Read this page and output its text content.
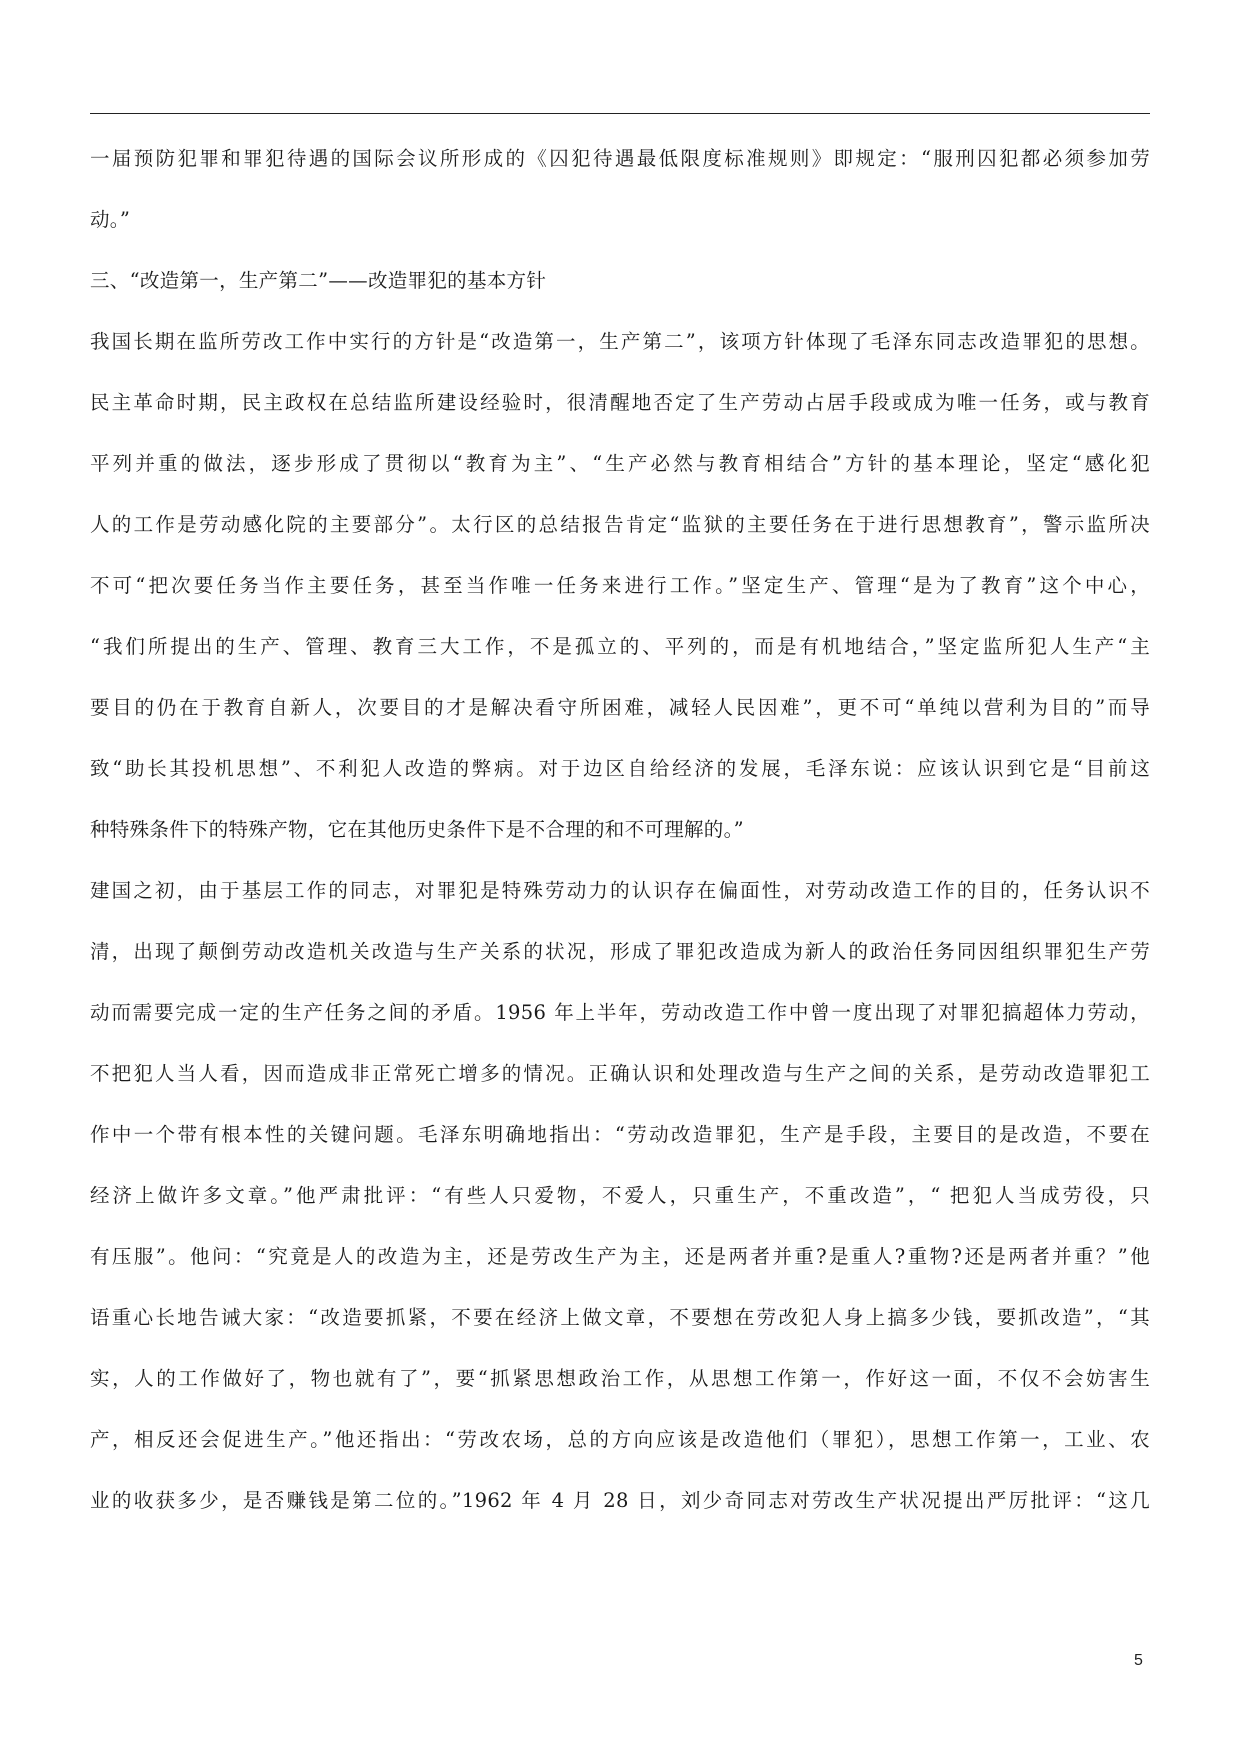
一届预防犯罪和罪犯待遇的国际会议所形成的《囚犯待遇最低限度标准规则》即规定：“服刑囚犯都必须参加劳
动。”
三、“改造第一，生产第二”——改造罪犯的基本方针
我国长期在监所劳改工作中实行的方针是“改造第一，生产第二”，该项方针体现了毛泽东同志改造罪犯的思想。
民主革命时期，民主政权在总结监所建设经验时，很清醒地否定了生产劳动占居手段或成为唯一任务，或与教育
平列并重的做法，逐步形成了贯彻以“教育为主”、“生产必然与教育相结合”方针的基本理论，坚定“感化犯
人的工作是劳动感化院的主要部分”。太行区的总结报告肯定“监狱的主要任务在于进行思想教育”，警示监所决
不可“把次要任务当作主要任务，甚至当作唯一任务来进行工作。”坚定生产、管理“是为了教育”这个中心，
“我们所提出的生产、管理、教育三大工作，不是孤立的、平列的，而是有机地结合，”坚定监所犯人生产“主
要目的仍在于教育自新人，次要目的才是解决看守所困难，减轻人民因难”，更不可“单纯以营利为目的”而导
致“助长其投机思想”、不利犯人改造的弊病。对于边区自给经济的发展，毛泽东说：应该认识到它是“目前这
种特殊条件下的特殊产物，它在其他历史条件下是不合理的和不可理解的。”
建国之初，由于基层工作的同志，对罪犯是特殊劳动力的认识存在偏面性，对劳动改造工作的目的，任务认识不
清，出现了颠倒劳动改造机关改造与生产关系的状况，形成了罪犯改造成为新人的政治任务同因组织罪犯生产劳
动而需要完成一定的生产任务之间的矛盾。1956 年上半年，劳动改造工作中曾一度出现了对罪犯搞超体力劳动，
不把犯人当人看，因而造成非正常死亡增多的情况。正确认识和处理改造与生产之间的关系，是劳动改造罪犯工
作中一个带有根本性的关键问题。毛泽东明确地指出：“劳动改造罪犯，生产是手段，主要目的是改造，不要在
经济上做许多文章。”他严肃批评：“有些人只爱物，不爱人，只重生产，不重改造”，“ 把犯人当成劳役，只
有压服”。他问：“究竟是人的改造为主，还是劳改生产为主，还是两者并重?是重人?重物?还是两者并重？”他
语重心长地告诫大家：“改造要抓紧，不要在经济上做文章，不要想在劳改犯人身上搞多少钱，要抓改造”，“其
实，人的工作做好了，物也就有了”，要“抓紧思想政治工作，从思想工作第一，作好这一面，不仅不会妨害生
产，相反还会促进生产。”他还指出：“劳改农场，总的方向应该是改造他们（罪犯），思想工作第一，工业、农
业的收获多少，是否赚钱是第二位的。”1962 年 4 月 28 日，刘少奇同志对劳改生产状况提出严厉批评：“这几
5
